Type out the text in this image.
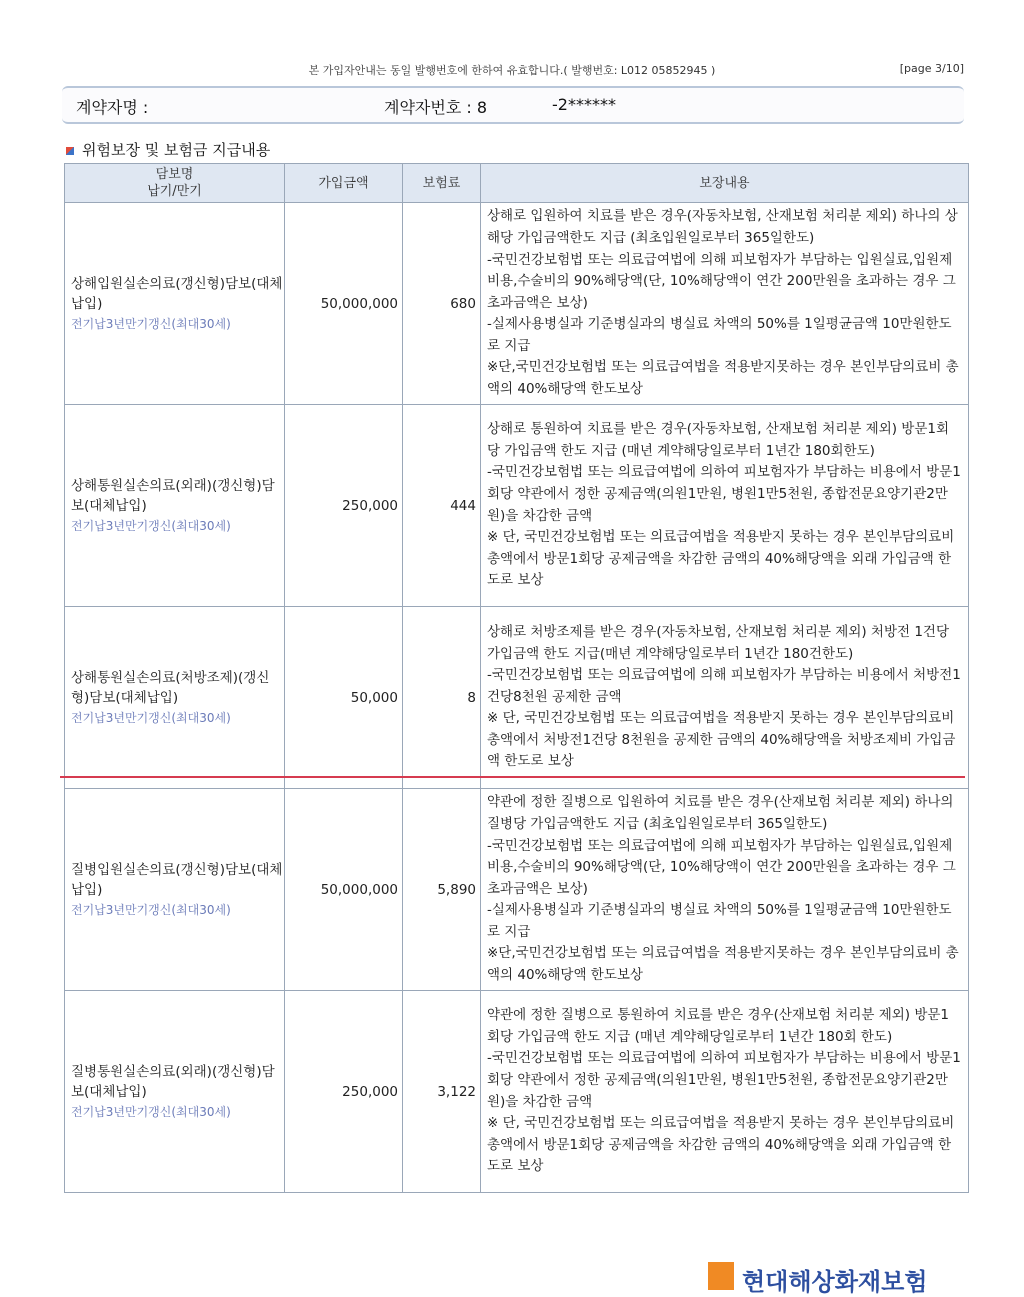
본 가입자안내는 동일 발행번호에 한하여 유효합니다.( 발행번호: L012 05852945 )	[page 3/10]
계약자명 :	계약자번호 : 8	-2******
위험보장 및 보험금 지급내용
담보명
납기/만기	가입금액	보험료	보장내용
상해입원실손의료(갱신형)담보(대체납입)
전기납3년만기갱신(최대30세)	50,000,000	680	상해로 입원하여 치료를 받은 경우(자동차보험, 산재보험 처리분 제외) 하나의 상해당 가입금액한도 지급 (최초입원일로부터 365일한도)
-국민건강보험법 또는 의료급여법에 의해 피보험자가 부담하는 입원실료,입원제비용,수술비의 90%해당액(단, 10%해당액이 연간 200만원을 초과하는 경우 그 초과금액은 보상)
-실제사용병실과 기준병실과의 병실료 차액의 50%를 1일평균금액 10만원한도로 지급
※단,국민건강보험법 또는 의료급여법을 적용받지못하는 경우 본인부담의료비 총액의 40%해당액 한도보상
상해통원실손의료(외래)(갱신형)담보(대체납입)
전기납3년만기갱신(최대30세)	250,000	444	상해로 통원하여 치료를 받은 경우(자동차보험, 산재보험 처리분 제외) 방문1회당 가입금액 한도 지급 (매년 계약해당일로부터 1년간 180회한도)
-국민건강보험법 또는 의료급여법에 의하여 피보험자가 부담하는 비용에서 방문1회당 약관에서 정한 공제금액(의원1만원, 병원1만5천원, 종합전문요양기관2만원)을 차감한 금액
※ 단, 국민건강보험법 또는 의료급여법을 적용받지 못하는 경우 본인부담의료비 총액에서 방문1회당 공제금액을 차감한 금액의 40%해당액을 외래 가입금액 한도로 보상
상해통원실손의료(처방조제)(갱신형)담보(대체납입)
전기납3년만기갱신(최대30세)	50,000	8	상해로 처방조제를 받은 경우(자동차보험, 산재보험 처리분 제외) 처방전 1건당 가입금액 한도 지급(매년 계약해당일로부터 1년간 180건한도)
-국민건강보험법 또는 의료급여법에 의해 피보험자가 부담하는 비용에서 처방전1건당8천원 공제한 금액
※ 단, 국민건강보험법 또는 의료급여법을 적용받지 못하는 경우 본인부담의료비 총액에서 처방전1건당 8천원을 공제한 금액의 40%해당액을 처방조제비 가입금액 한도로 보상
질병입원실손의료(갱신형)담보(대체납입)
전기납3년만기갱신(최대30세)	50,000,000	5,890	약관에 정한 질병으로 입원하여 치료를 받은 경우(산재보험 처리분 제외) 하나의 질병당 가입금액한도 지급 (최초입원일로부터 365일한도)
-국민건강보험법 또는 의료급여법에 의해 피보험자가 부담하는 입원실료,입원제비용,수술비의 90%해당액(단, 10%해당액이 연간 200만원을 초과하는 경우 그 초과금액은 보상)
-실제사용병실과 기준병실과의 병실료 차액의 50%를 1일평균금액 10만원한도로 지급
※단,국민건강보험법 또는 의료급여법을 적용받지못하는 경우 본인부담의료비 총액의 40%해당액 한도보상
질병통원실손의료(외래)(갱신형)담보(대체납입)
전기납3년만기갱신(최대30세)	250,000	3,122	약관에 정한 질병으로 통원하여 치료를 받은 경우(산재보험 처리분 제외) 방문1회당 가입금액 한도 지급 (매년 계약해당일로부터 1년간 180회 한도)
-국민건강보험법 또는 의료급여법에 의하여 피보험자가 부담하는 비용에서 방문1회당 약관에서 정한 공제금액(의원1만원, 병원1만5천원, 종합전문요양기관2만원)을 차감한 금액
※ 단, 국민건강보험법 또는 의료급여법을 적용받지 못하는 경우 본인부담의료비 총액에서 방문1회당 공제금액을 차감한 금액의 40%해당액을 외래 가입금액 한도로 보상
현대해상화재보험
